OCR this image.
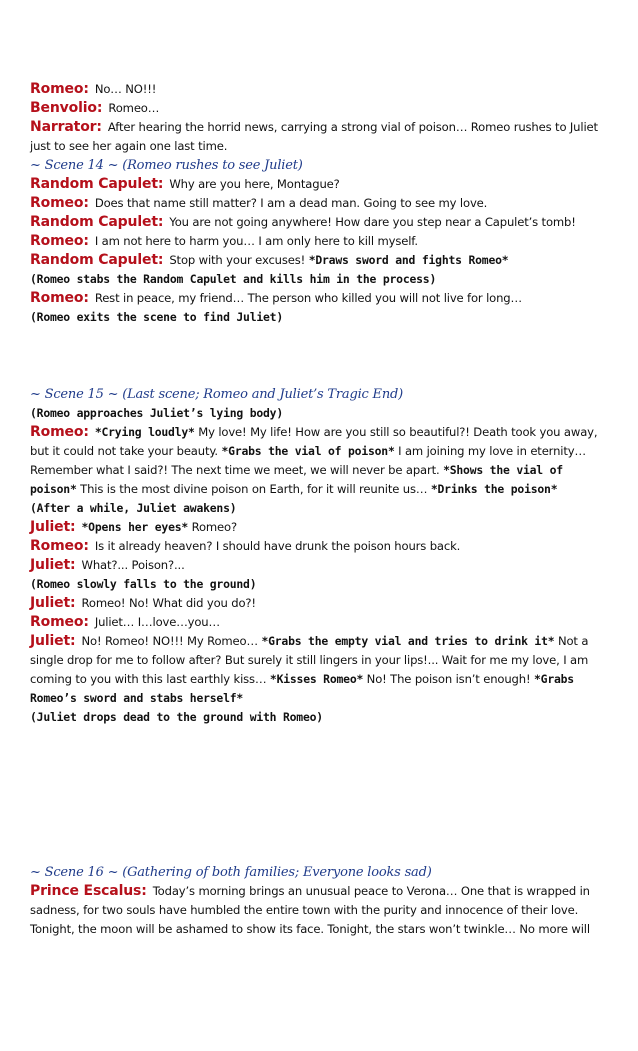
Romeo: No… NO!!!
Benvolio: Romeo…
Narrator: After hearing the horrid news, carrying a strong vial of poison… Romeo rushes to Juliet just to see her again one last time.
~ Scene 14 ~ (Romeo rushes to see Juliet)
Random Capulet: Why are you here, Montague?
Romeo: Does that name still matter? I am a dead man. Going to see my love.
Random Capulet: You are not going anywhere! How dare you step near a Capulet’s tomb!
Romeo: I am not here to harm you… I am only here to kill myself.
Random Capulet: Stop with your excuses! *Draws sword and fights Romeo*
(Romeo stabs the Random Capulet and kills him in the process)
Romeo: Rest in peace, my friend… The person who killed you will not live for long…
(Romeo exits the scene to find Juliet)
~ Scene 15 ~ (Last scene; Romeo and Juliet’s Tragic End)
(Romeo approaches Juliet’s lying body)
Romeo: *Crying loudly* My love! My life! How are you still so beautiful?! Death took you away, but it could not take your beauty. *Grabs the vial of poison* I am joining my love in eternity… Remember what I said?! The next time we meet, we will never be apart. *Shows the vial of poison* This is the most divine poison on Earth, for it will reunite us… *Drinks the poison*
(After a while, Juliet awakens)
Juliet: *Opens her eyes* Romeo?
Romeo: Is it already heaven? I should have drunk the poison hours back.
Juliet: What?... Poison?...
(Romeo slowly falls to the ground)
Juliet: Romeo! No! What did you do?!
Romeo: Juliet… I…love…you…
Juliet: No! Romeo! NO!!! My Romeo… *Grabs the empty vial and tries to drink it* Not a single drop for me to follow after? But surely it still lingers in your lips!... Wait for me my love, I am coming to you with this last earthly kiss… *Kisses Romeo* No! The poison isn’t enough! *Grabs Romeo’s sword and stabs herself*
(Juliet drops dead to the ground with Romeo)
~ Scene 16 ~ (Gathering of both families; Everyone looks sad)
Prince Escalus: Today’s morning brings an unusual peace to Verona… One that is wrapped in sadness, for two souls have humbled the entire town with the purity and innocence of their love. Tonight, the moon will be ashamed to show its face. Tonight, the stars won’t twinkle… No more will
